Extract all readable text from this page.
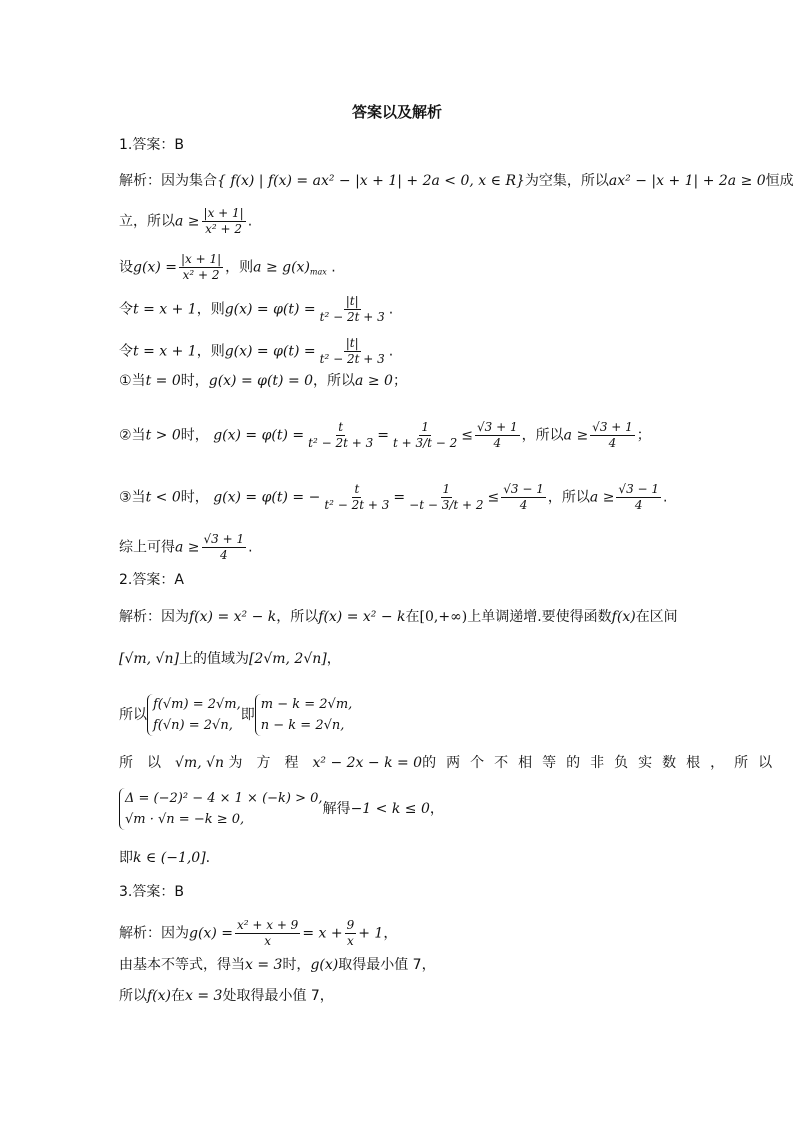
答案以及解析
1.答案：B
解析：因为集合{ f(x) | f(x) = ax² − |x + 1| + 2a < 0, x ∈ R}为空集，所以ax² − |x + 1| + 2a ≥ 0恒成
立，所以$a \ge \frac{|x + 1|}{\text{x² + 2}}$ .
设$g(x) = \frac{|x + 1|}{\text{x² + 2}}$ ，则$a \ge g(x)_{max}$ .
令t = x + 1，则$g(x) = \varphi(t) = \frac{|t|}{\text{t² − 2t + 3}}$ .
令t = x + 1，则$g(x) = \varphi(t) = \frac{|t|}{\text{t² − 2t + 3}}$ .
①当t = 0时，g(x) = φ(t) = 0，所以a ≥ 0；
②当t > 0时， $g(x) = \varphi(t) = \frac{t}{\text{t² − 2t + 3}} = \frac{1}{t + 3/t - 2} \le \frac{√3 + 1}{4}$ ，所以$a \ge \frac{√3 + 1}{4}$ ；
③当t < 0时， g(x) = φ(t) = − $\frac{t}{\text{t² − 2t + 3}} = \frac{1}{-t - 3/t + 2} \le \frac{√3 - 1}{4}$ ，所以$a \ge \frac{√3 - 1}{4}$ .
综上可得$a \ge \frac{√3 + 1}{4}$ .
2.答案：A
解析：因为f(x) = x² − k，所以f(x) = x² − k在[0,+∞)上单调递增.要使得函数f(x)在区间
[√m, √n]上的值域为[2√m, 2√n]，
所以f(√m) = 2√m,
f(√n) = 2√n,即m − k = 2√m,
n − k = 2√n,
所以√m, √n 为方程x² − 2x − k = 0的两个不相等的非负实数根，所以
Δ = (−2)² − 4 × 1 × (−k) > 0,
√m · √n = −k ≥ 0,解得−1 < k ≤ 0，
即k ∈ (−1,0].
3.答案：B
解析：因为$g(x) = \frac{\text{x² + x + 9}}{x} = x + \frac{9}{x} + 1$，
由基本不等式，得当x = 3时，g(x)取得最小值 7，
所以f(x)在x = 3处取得最小值 7，
